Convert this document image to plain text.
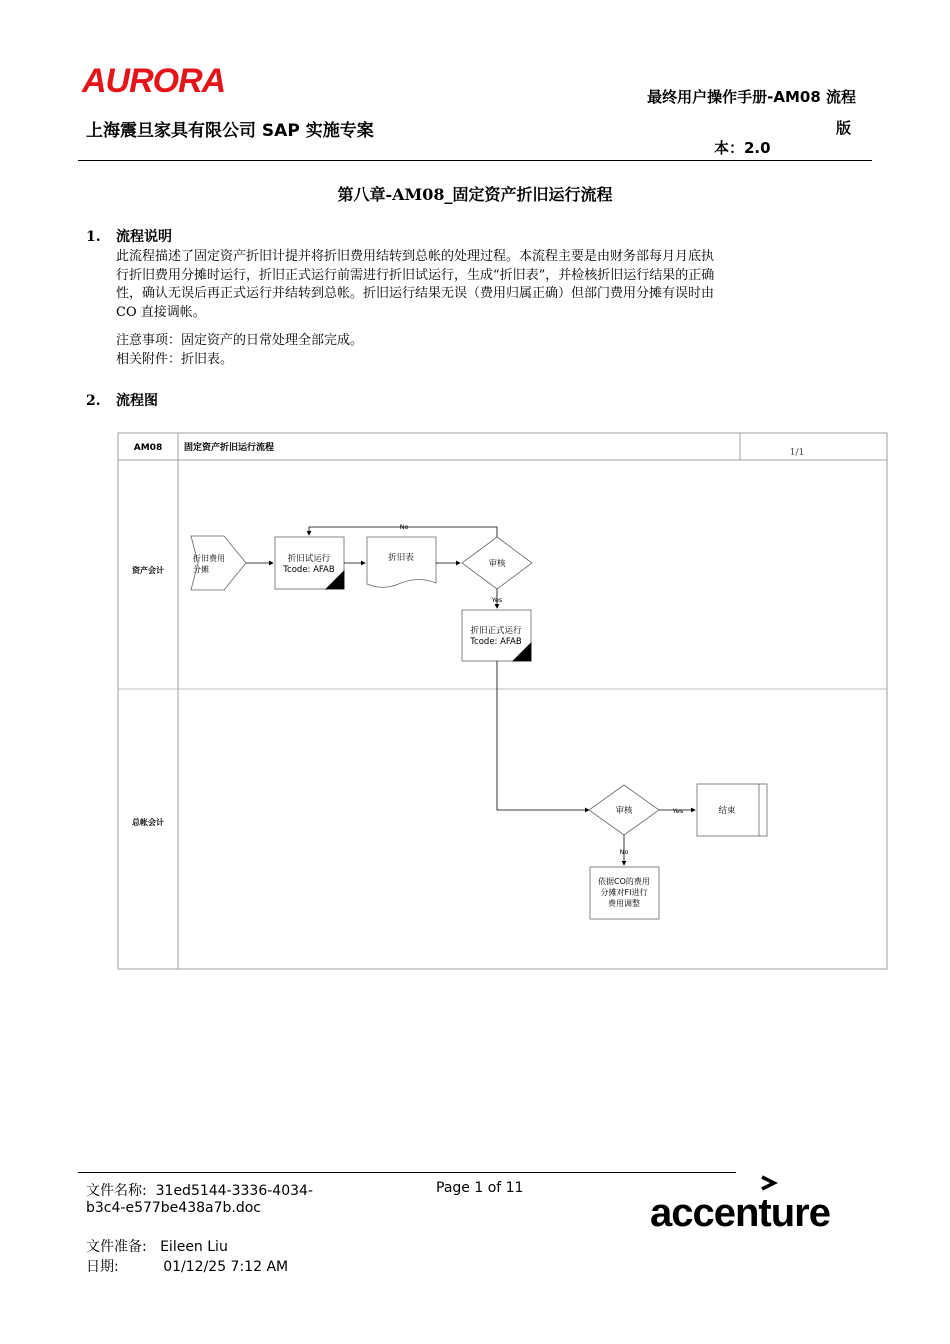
AURORA
上海震旦家具有限公司 SAP 实施专案
最终用户操作手册-AM08 流程
版
本：2.0
第八章-AM08_固定资产折旧运行流程
1. 流程说明
此流程描述了固定资产折旧计提并将折旧费用结转到总帐的处理过程。本流程主要是由财务部每月月底执
行折旧费用分摊时运行，折旧正式运行前需进行折旧试运行，生成“折旧表”，并检核折旧运行结果的正确
性，确认无误后再正式运行并结转到总帐。折旧运行结果无误（费用归属正确）但部门费用分摊有误时由
CO 直接调帐。
注意事项：固定资产的日常处理全部完成。
相关附件：折旧表。
2. 流程图
AM08 固定资产折旧运行流程	1/1
资产会计
总帐会计
折旧费用
分摊
折旧试运行
Tcode: AFAB
折旧表
审核
No
Yes
折旧正式运行
Tcode: AFAB
审核	Yes
No
结束
依据CO的费用
分摊对FI进行
费用调整
文件名称: 31ed5144-3336-4034-
b3c4-e577be438a7b.doc
Page 1 of 11
文件准备: Eileen Liu
日期:	01/12/25 7:12 AM
accenture
